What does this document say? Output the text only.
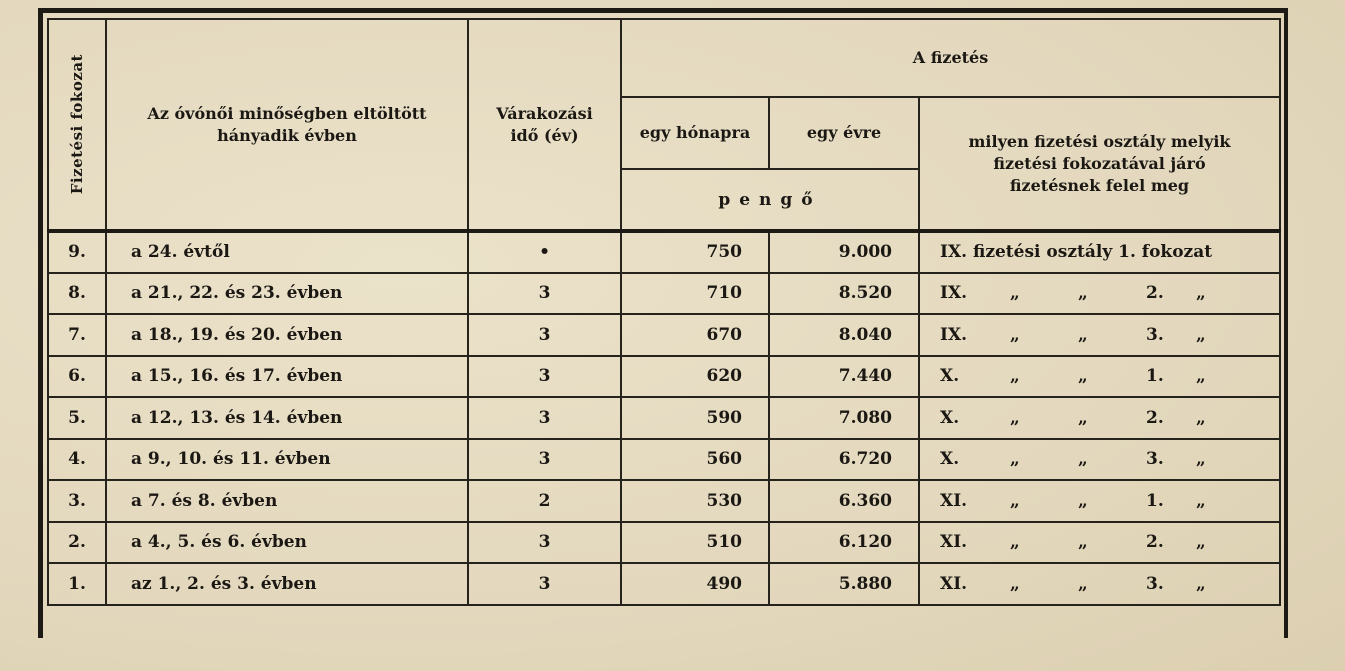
Fizetési fokozat	Az óvónői minőségben eltöltött hányadik évben	Várakozási idő (év)	A fizetés		
			egy hónapra	egy évre	milyen fizetési osztály melyik fizetési fokozatával járó fizetésnek felel meg
			pengő		
9.	a 24. évtől	•	750	9.000	IX. fizetési osztály 1. fokozat
8.	a 21., 22. és 23. évben	3	710	8.520	IX. „ „ 2. „
7.	a 18., 19. és 20. évben	3	670	8.040	IX. „ „ 3. „
6.	a 15., 16. és 17. évben	3	620	7.440	X. „ „ 1. „
5.	a 12., 13. és 14. évben	3	590	7.080	X. „ „ 2. „
4.	a 9., 10. és 11. évben	3	560	6.720	X. „ „ 3. „
3.	a 7. és 8. évben	2	530	6.360	XI. „ „ 1. „
2.	a 4., 5. és 6. évben	3	510	6.120	XI. „ „ 2. „
1.	az 1., 2. és 3. évben	3	490	5.880	XI. „ „ 3. „
